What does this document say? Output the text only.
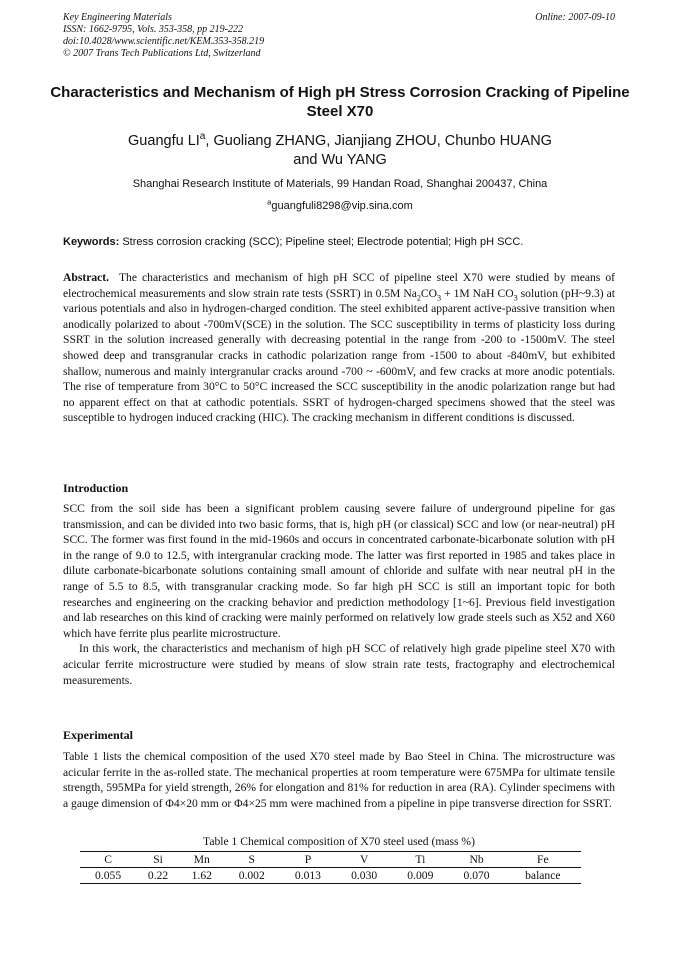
Key Engineering Materials
ISSN: 1662-9795, Vols. 353-358, pp 219-222
doi:10.4028/www.scientific.net/KEM.353-358.219
© 2007 Trans Tech Publications Ltd, Switzerland
Online: 2007-09-10
Characteristics and Mechanism of High pH Stress Corrosion Cracking of Pipeline Steel X70
Guangfu $LI^a$, Guoliang ZHANG, Jianjiang ZHOU, Chunbo HUANG
and Wu YANG
Shanghai Research Institute of Materials, 99 Handan Road, Shanghai 200437, China
$^a$guangfuli8298@vip.sina.com
Keywords: Stress corrosion cracking (SCC); Pipeline steel; Electrode potential; High pH SCC.
Abstract. The characteristics and mechanism of high pH SCC of pipeline steel X70 were studied by means of electrochemical measurements and slow strain rate tests (SSRT) in 0.5M $Na_2CO_3 + 1M$ NaH $CO_3$ solution (pH~9.3) at various potentials and also in hydrogen-charged condition. The steel exhibited apparent active-passive transition when anodically polarized to about -700mV(SCE) in the solution. The SCC susceptibility in terms of plasticity loss during SSRT in the solution increased generally with decreasing potential in the range from -200 to -1500mV. The steel showed deep and transgranular cracks in cathodic polarization range from -1500 to about -840mV, but exhibited shallow, numerous and mainly intergranular cracks around -700 ~ -600mV, and few cracks at more anodic potentials. The rise of temperature from 30°C to 50°C increased the SCC susceptibility in the anodic polarization range but had no apparent effect on that at cathodic potentials. SSRT of hydrogen-charged specimens showed that the steel was susceptible to hydrogen induced cracking (HIC). The cracking mechanism in different conditions is discussed.
Introduction

SCC from the soil side has been a significant problem causing severe failure of underground pipeline for gas transmission, and can be divided into two basic forms, that is, high pH (or classical) SCC and low (or near-neutral) pH SCC. The former was first found in the mid-1960s and occurs in concentrated carbonate-bicarbonate solution with pH in the range of 9.0 to 12.5, with intergranular cracking mode. The latter was first reported in 1985 and takes place in dilute carbonate-bicarbonate solutions containing small amount of chloride and sulfate with near neutral pH in the range of 5.5 to 8.5, with transgranular cracking mode. So far high pH SCC is still an important topic for both researches and engineering on the cracking behavior and prediction methodology [1~6]. Previous field investigation and lab researches on this kind of cracking were mainly performed on relatively low grade steels such as X52 and X60 which have ferrite plus pearlite microstructure.

In this work, the characteristics and mechanism of high pH SCC of relatively high grade pipeline steel X70 with acicular ferrite microstructure were studied by means of slow strain rate tests, fractography and electrochemical measurements.

Experimental

Table 1 lists the chemical composition of the used X70 steel made by Bao Steel in China. The microstructure was acicular ferrite in the as-rolled state. The mechanical properties at room temperature were 675MPa for ultimate tensile strength, 595MPa for yield strength, 26% for elongation and 81% for reduction in area (RA). Cylinder specimens with a gauge dimension of Φ4×20 mm or Φ4×25 mm were machined from a pipeline in pipe transverse direction for SSRT.

Table 1 Chemical composition of X70 steel used (mass %)
C	Si	Mn	S	P	V	Ti	Nb	Fe
0.055	0.22	1.62	0.002	0.013	0.030	0.009	0.070	balance
